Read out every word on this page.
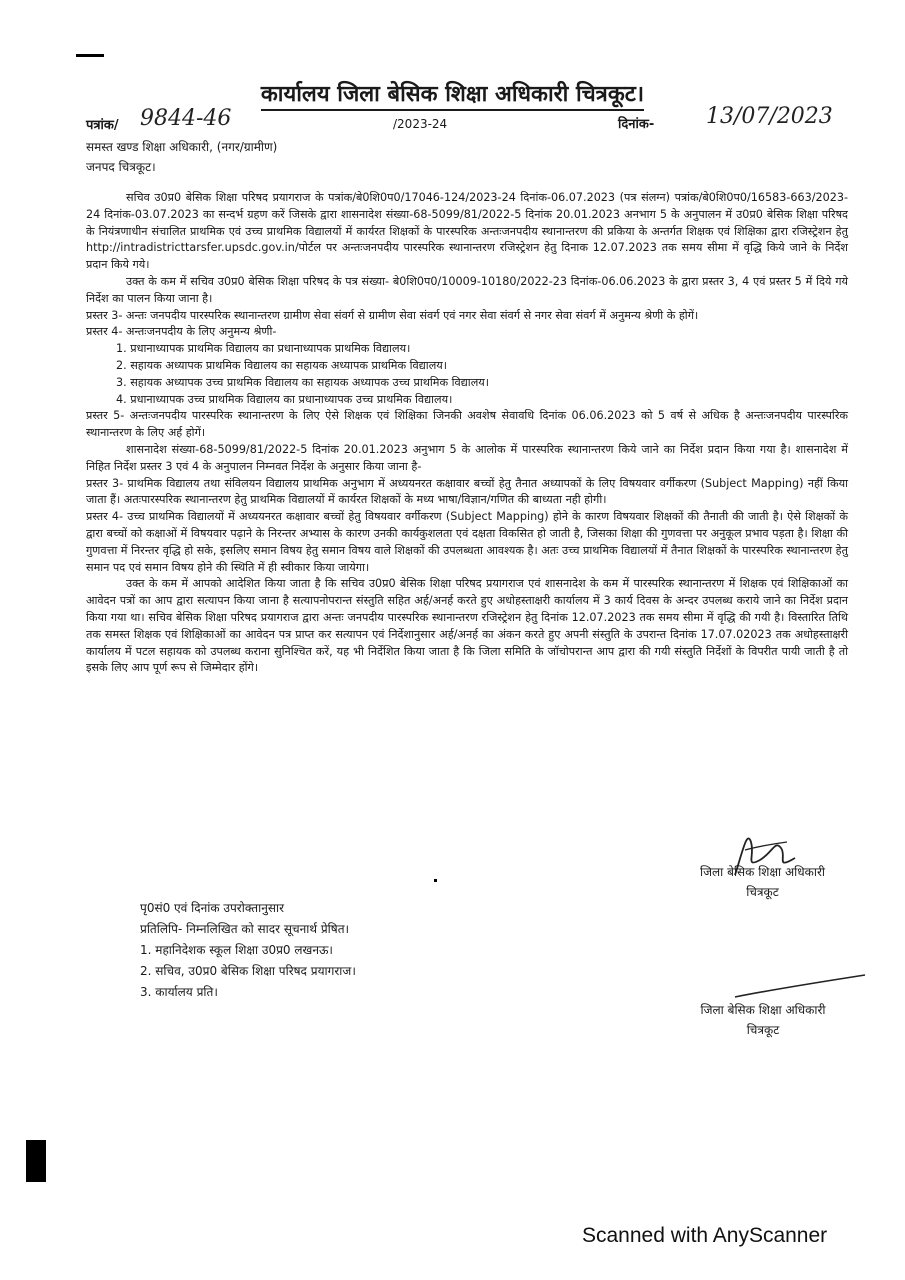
कार्यालय जिला बेसिक शिक्षा अधिकारी चित्रकूट।
पत्रांक/ 9844-46	/2023-24	दिनांक- 13/07/2023
समस्त खण्ड शिक्षा अधिकारी, (नगर/ग्रामीण)
जनपद चित्रकूट।

सचिव उ0प्र0 बेसिक शिक्षा परिषद प्रयागराज के पत्रांक/बे0शि0प0/17046-124/2023-24 दिनांक-06.07.2023 (पत्र संलग्न) पत्रांक/बे0शि0प0/16583-663/2023-24 दिनांक-03.07.2023 का सन्दर्भ ग्रहण करें जिसके द्वारा शासनादेश संख्या-68-5099/81/2022-5 दिनांक 20.01.2023 अनभाग 5 के अनुपालन में उ0प्र0 बेसिक शिक्षा परिषद के नियंत्रणाधीन संचालित प्राथमिक एवं उच्च प्राथमिक विद्यालयों में कार्यरत शिक्षकों के पारस्परिक अन्तःजनपदीय स्थानान्तरण की प्रकिया के अन्तर्गत शिक्षक एवं शिक्षिका द्वारा रजिस्ट्रेशन हेतु http://intradistricttarsfer.upsdc.gov.in/पोर्टल पर अन्तःजनपदीय पारस्परिक स्थानान्तरण रजिस्ट्रेशन हेतु दिनाक 12.07.2023 तक समय सीमा में वृद्धि किये जाने के निर्देश प्रदान किये गये।

उक्त के कम में सचिव उ0प्र0 बेसिक शिक्षा परिषद के पत्र संख्या- बे0शि0प0/10009-10180/2022-23 दिनांक-06.06.2023 के द्वारा प्रस्तर 3, 4 एवं प्रस्तर 5 में दिये गये निर्देश का पालन किया जाना है।

प्रस्तर 3- अन्तः जनपदीय पारस्परिक स्थानान्तरण ग्रामीण सेवा संवर्ग से ग्रामीण सेवा संवर्ग एवं नगर सेवा संवर्ग से नगर सेवा संवर्ग में अनुमन्य श्रेणी के होगें।

प्रस्तर 4- अन्तःजनपदीय के लिए अनुमन्य श्रेणी-

1. प्रधानाध्यापक प्राथमिक विद्यालय का प्रधानाध्यापक प्राथमिक विद्यालय।
2. सहायक अध्यापक प्राथमिक विद्यालय का सहायक अध्यापक प्राथमिक विद्यालय।
3. सहायक अध्यापक उच्च प्राथमिक विद्यालय का सहायक अध्यापक उच्च प्राथमिक विद्यालय।
4. प्रधानाध्यापक उच्च प्राथमिक विद्यालय का प्रधानाध्यापक उच्च प्राथमिक विद्यालय।

प्रस्तर 5- अन्तःजनपदीय पारस्परिक स्थानान्तरण के लिए ऐसे शिक्षक एवं शिक्षिका जिनकी अवशेष सेवावधि दिनांक 06.06.2023 को 5 वर्ष से अधिक है अन्तःजनपदीय पारस्परिक स्थानान्तरण के लिए अर्ह होगें।

शासनादेश संख्या-68-5099/81/2022-5 दिनांक 20.01.2023 अनुभाग 5 के आलोक में पारस्परिक स्थानान्तरण किये जाने का निर्देश प्रदान किया गया है। शासनादेश में निहित निर्देश प्रस्तर 3 एवं 4 के अनुपालन निम्नवत निर्देश के अनुसार किया जाना है-

प्रस्तर 3- प्राथमिक विद्यालय तथा संविलयन विद्यालय प्राथमिक अनुभाग में अध्ययनरत कक्षावार बच्चों हेतु तैनात अध्यापकों के लिए विषयवार वर्गीकरण (Subject Mapping) नहीं किया जाता हैं। अतःपारस्परिक स्थानान्तरण हेतु प्राथमिक विद्यालयों में कार्यरत शिक्षकों के मध्य भाषा/विज्ञान/गणित की बाध्यता नही होगी।

प्रस्तर 4- उच्च प्राथमिक विद्यालयों में अध्ययनरत कक्षावार बच्चों हेतु विषयवार वर्गीकरण (Subject Mapping) होने के कारण विषयवार शिक्षकों की तैनाती की जाती है। ऐसे शिक्षकों के द्वारा बच्चों को कक्षाओं में विषयवार पढ़ाने के निरन्तर अभ्यास के कारण उनकी कार्यकुशलता एवं दक्षता विकसित हो जाती है, जिसका शिक्षा की गुणवत्ता पर अनुकूल प्रभाव पड़ता है। शिक्षा की गुणवत्ता में निरन्तर वृद्धि हो सके, इसलिए समान विषय हेतु समान विषय वाले शिक्षकों की उपलब्धता आवश्यक है। अतः उच्च प्राथमिक विद्यालयों में तैनात शिक्षकों के पारस्परिक स्थानान्तरण हेतु समान पद एवं समान विषय होने की स्थिति में ही स्वीकार किया जायेगा।

उक्त के कम में आपको आदेशित किया जाता है कि सचिव उ0प्र0 बेसिक शिक्षा परिषद प्रयागराज एवं शासनादेश के कम में पारस्परिक स्थानान्तरण में शिक्षक एवं शिक्षिकाओं का आवेदन पत्रों का आप द्वारा सत्यापन किया जाना है सत्यापनोपरान्त संस्तुति सहित अर्ह/अनर्ह करते हुए अधोहस्ताक्षरी कार्यालय में 3 कार्य दिवस के अन्दर उपलब्ध कराये जाने का निर्देश प्रदान किया गया था। सचिव बेसिक शिक्षा परिषद प्रयागराज द्वारा अन्तः जनपदीय पारस्परिक स्थानान्तरण रजिस्ट्रेशन हेतु दिनांक 12.07.2023 तक समय सीमा में वृद्धि की गयी है। विस्तारित तिथि तक समस्त शिक्षक एवं शिक्षिकाओं का आवेदन पत्र प्राप्त कर सत्यापन एवं निर्देशानुसार अर्ह/अनर्ह का अंकन करते हुए अपनी संस्तुति के उपरान्त दिनांक 17.07.02023 तक अधोहस्ताक्षरी कार्यालय में पटल सहायक को उपलब्ध कराना सुनिश्चित करें, यह भी निर्देशित किया जाता है कि जिला समिति के जॉचोपरान्त आप द्वारा की गयी संस्तुति निर्देशों के विपरीत पायी जाती है तो इसके लिए आप पूर्ण रूप से जिम्मेदार होंगे।

जिला बेसिक शिक्षा अधिकारी
चित्रकूट
पृ0सं0 एवं दिनांक उपरोक्तानुसार
प्रतिलिपि- निम्नलिखित को सादर सूचनार्थ प्रेषित।
1. महानिदेशक स्कूल शिक्षा उ0प्र0 लखनऊ।
2. सचिव, उ0प्र0 बेसिक शिक्षा परिषद प्रयागराज।
3. कार्यालय प्रति।
जिला बेसिक शिक्षा अधिकारी
चित्रकूट
Scanned with AnyScanner
